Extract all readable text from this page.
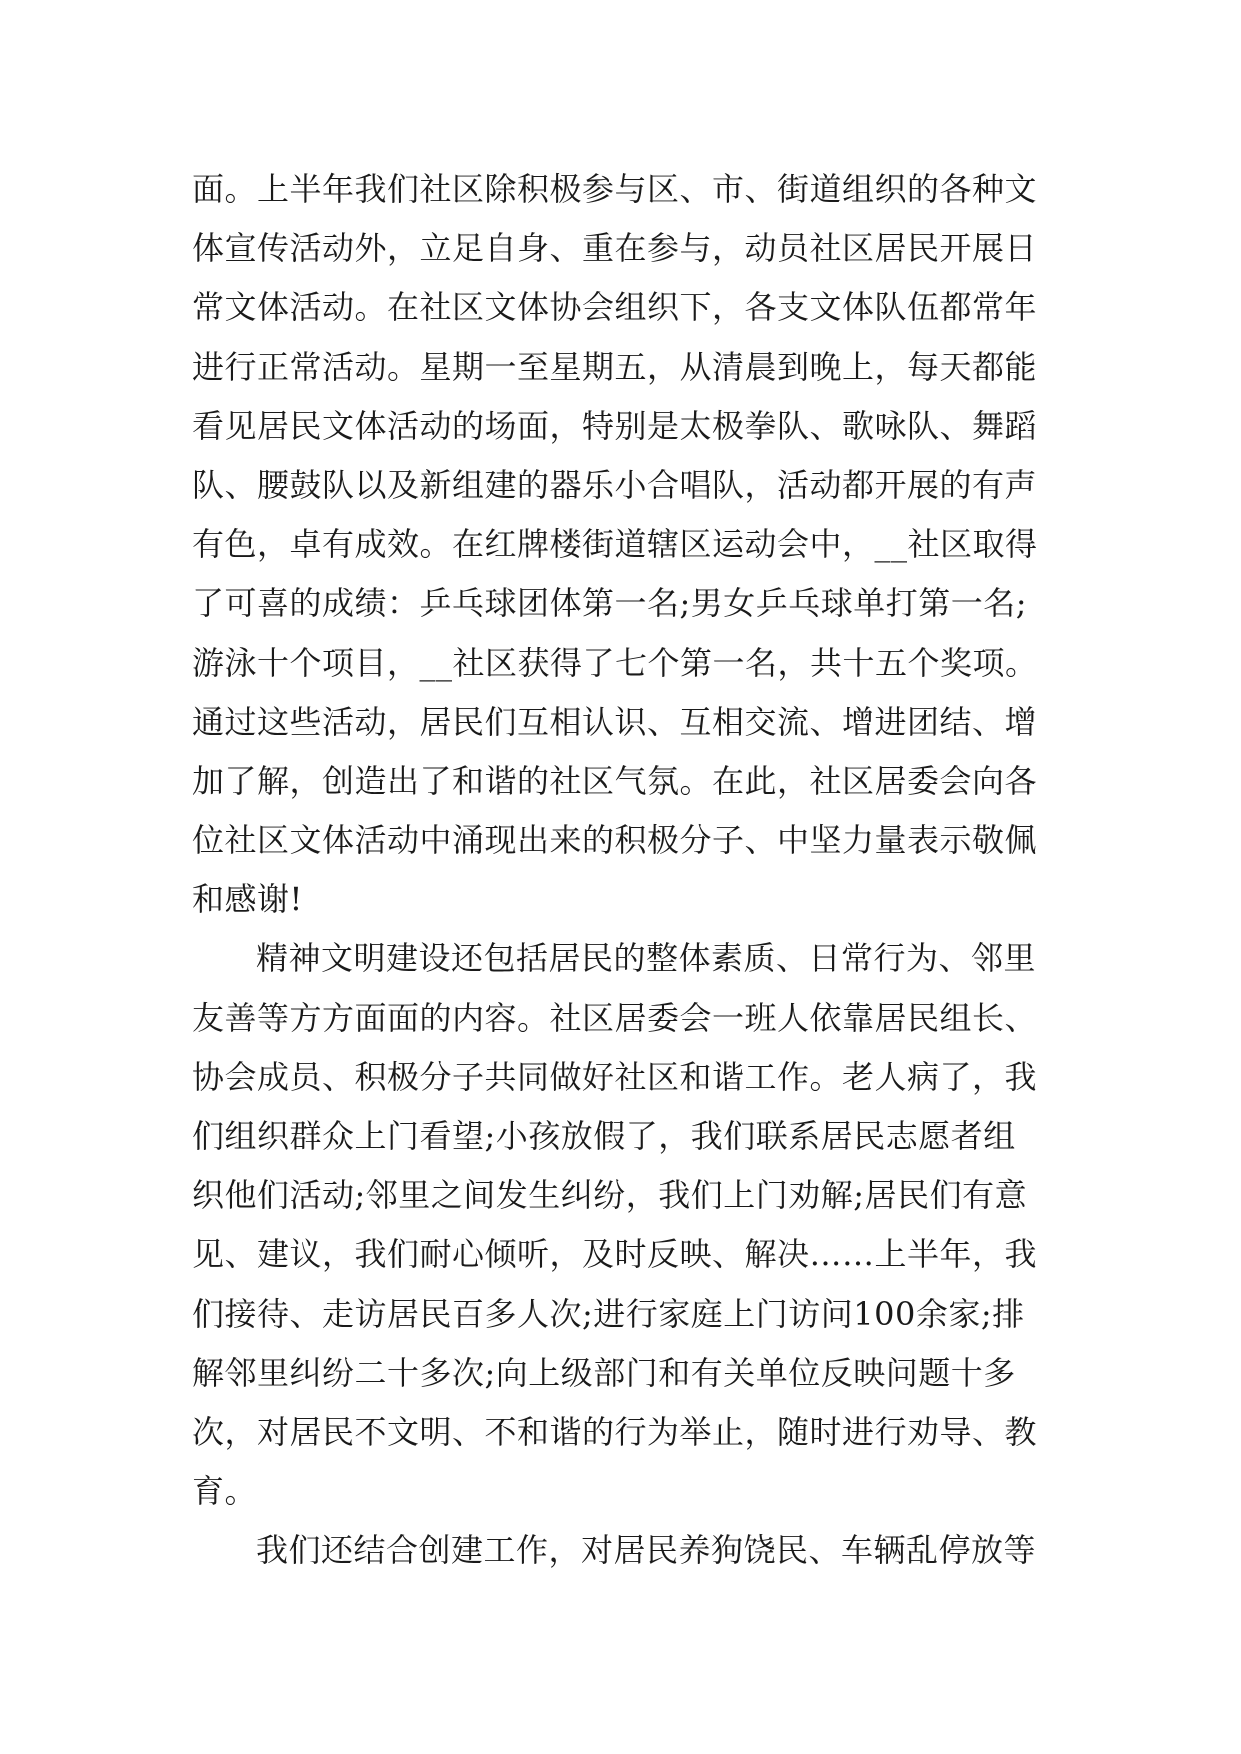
面。上半年我们社区除积极参与区、市、街道组织的各种文
体宣传活动外，立足自身、重在参与，动员社区居民开展日
常文体活动。在社区文体协会组织下，各支文体队伍都常年
进行正常活动。星期一至星期五，从清晨到晚上，每天都能
看见居民文体活动的场面，特别是太极拳队、歌咏队、舞蹈
队、腰鼓队以及新组建的器乐小合唱队，活动都开展的有声
有色，卓有成效。在红牌楼街道辖区运动会中，__社区取得
了可喜的成绩：乒乓球团体第一名;男女乒乓球单打第一名;
游泳十个项目，__社区获得了七个第一名，共十五个奖项。
通过这些活动，居民们互相认识、互相交流、增进团结、增
加了解，创造出了和谐的社区气氛。在此，社区居委会向各
位社区文体活动中涌现出来的积极分子、中坚力量表示敬佩
和感谢!
精神文明建设还包括居民的整体素质、日常行为、邻里
友善等方方面面的内容。社区居委会一班人依靠居民组长、
协会成员、积极分子共同做好社区和谐工作。老人病了，我
们组织群众上门看望;小孩放假了，我们联系居民志愿者组
织他们活动;邻里之间发生纠纷，我们上门劝解;居民们有意
见、建议，我们耐心倾听，及时反映、解决……上半年，我
们接待、走访居民百多人次;进行家庭上门访问100余家;排
解邻里纠纷二十多次;向上级部门和有关单位反映问题十多
次，对居民不文明、不和谐的行为举止，随时进行劝导、教
育。
我们还结合创建工作，对居民养狗饶民、车辆乱停放等
